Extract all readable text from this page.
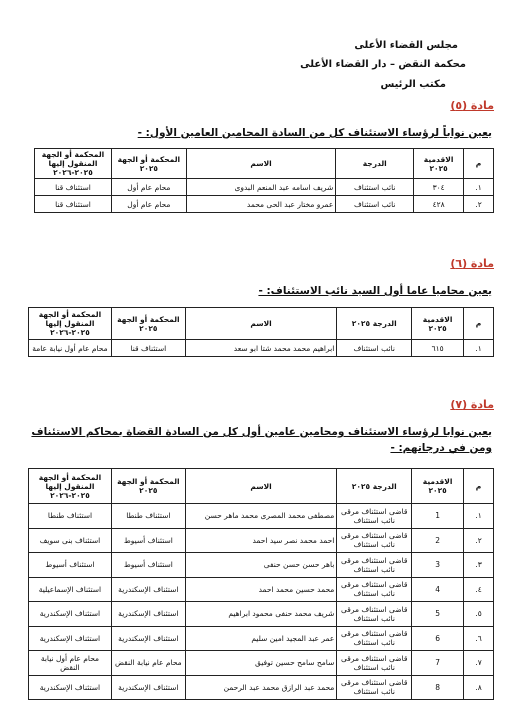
مجلس القضاء الأعلى
محكمة النقض – دار القضاء الأعلى
مكتب الرئيس
مادة (٥)
يعين نواباً لرؤساء الاستئناف كل من السادة المحامين العامين الأول: -
م	الاقدمية ٢٠٢٥	الدرجة	الاسم	المحكمة أو الجهة ٢٠٢٥	المحكمة أو الجهة المنقول إليها ٢٠٢٥-٢٠٢٦
١.	٣٠٤	نائب استئناف	شريف اسامه عبد المنعم البدوى	محام عام أول	استئناف قنا
٢.	٤٢٨	نائب استئناف	عمرو مختار عبد الحى محمد	محام عام أول	استئناف قنا
مادة (٦)
يعين محاميا عاما أول السيد نائب الاستئناف: -
م	الاقدمية ٢٠٢٥	الدرجة ٢٠٢٥	الاسم	المحكمة أو الجهة ٢٠٢٥	المحكمة أو الجهة المنقول إليها ٢٠٢٥-٢٠٢٦
١.	٦١٥	نائب استئناف	ابراهيم محمد محمد شتا ابو سعد	استئناف قنا	محام عام أول نيابة عامة
مادة (٧)
يعين نوابا لرؤساء الاستئناف ومحامين عامين أول كل من السادة القضاة بمحاكم الاستئناف ومن في درجاتهم: -
م	الاقدمية ٢٠٢٥	الدرجة ٢٠٢٥	الاسم	المحكمة أو الجهة ٢٠٢٥	المحكمة أو الجهة المنقول إليها ٢٠٢٥-٢٠٢٦
١.	1	قاضى استئناف مرقى نائب استئناف	مصطفى محمد المصرى محمد ماهر حسن	استئناف طنطا	استئناف طنطا
٢.	2	قاضى استئناف مرقى نائب استئناف	احمد محمد نصر سيد احمد	استئناف أسيوط	استئناف بنى سويف
٣.	3	قاضى استئناف مرقى نائب استئناف	باهر حسن حسن حنفى	استئناف أسيوط	استئناف أسيوط
٤.	4	قاضى استئناف مرقى نائب استئناف	محمد حسين محمد احمد	استئناف الإسكندرية	استئناف الإسماعيلية
٥.	5	قاضى استئناف مرقى نائب استئناف	شريف محمد حنفى محمود ابراهيم	استئناف الإسكندرية	استئناف الإسكندرية
٦.	6	قاضى استئناف مرقى نائب استئناف	عمر عبد المجيد امين سليم	استئناف الإسكندرية	استئناف الإسكندرية
٧.	7	قاضى استئناف مرقى نائب استئناف	سامح سامح حسين توفيق	محام عام نيابة النقض	محام عام أول نيابة النقض
٨.	8	قاضى استئناف مرقى نائب استئناف	محمد عبد الرازق محمد عبد الرحمن	استئناف الإسكندرية	استئناف الإسكندرية
